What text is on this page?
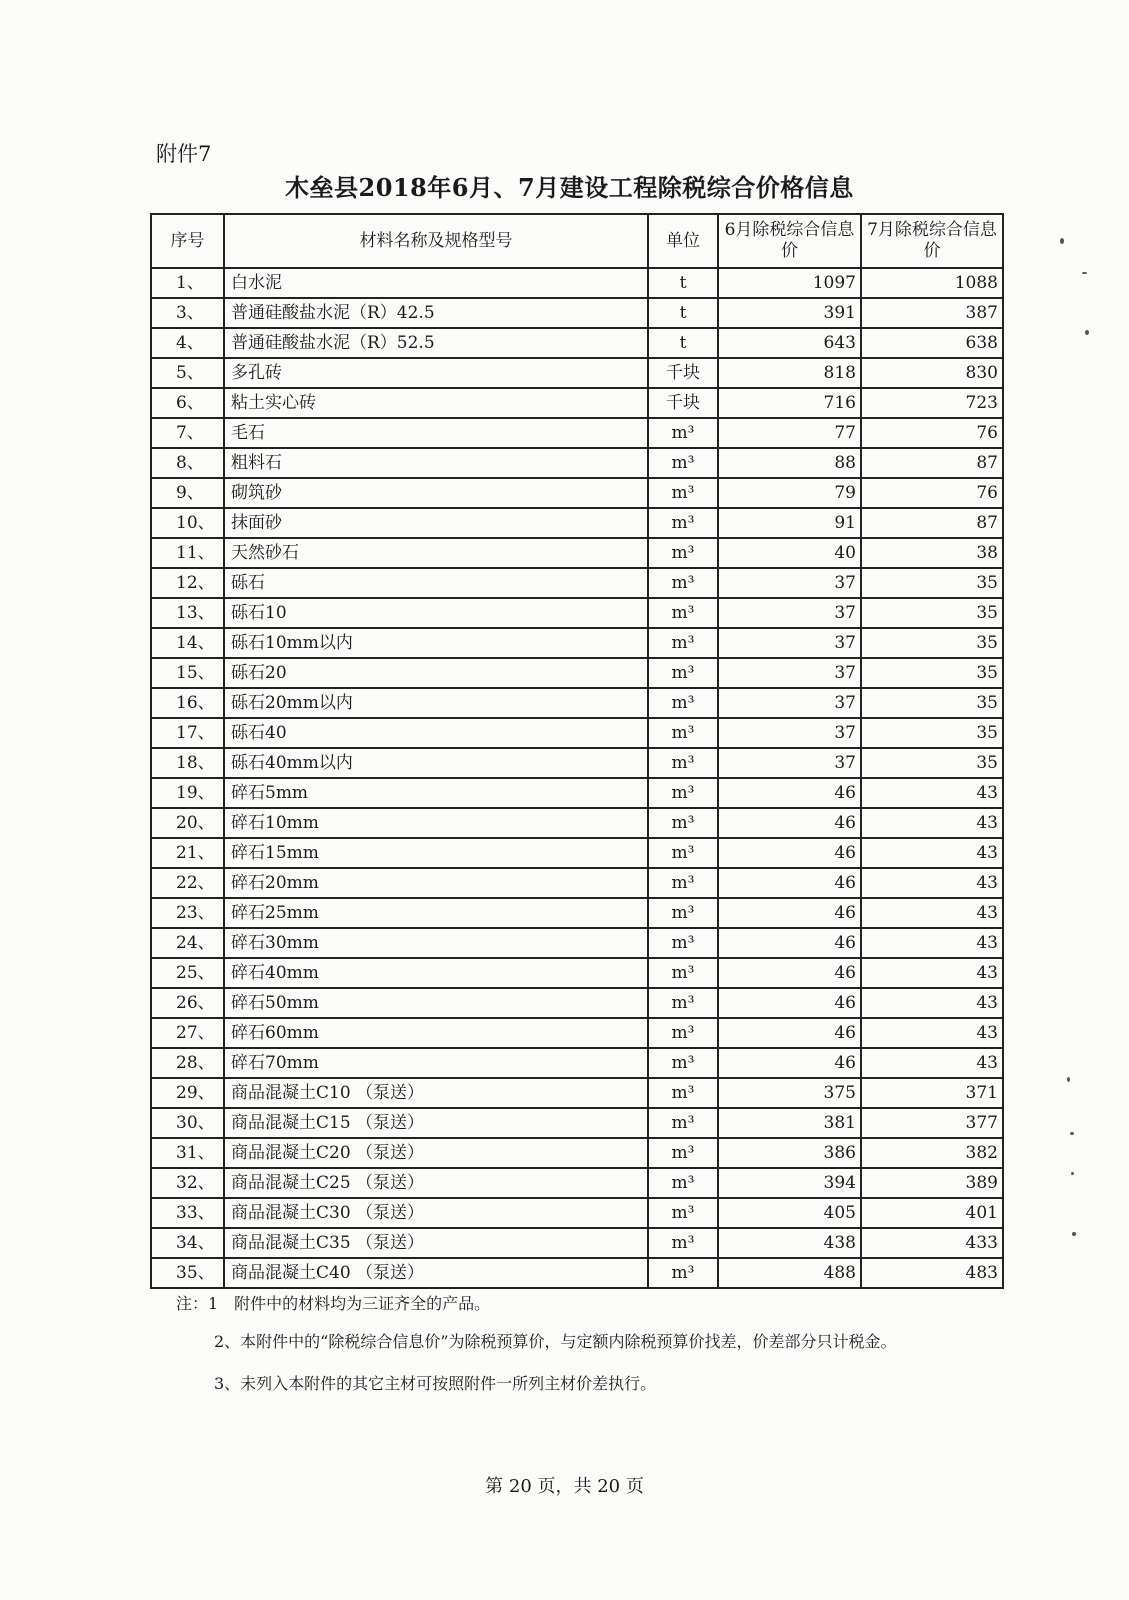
附件7
木垒县2018年6月、7月建设工程除税综合价格信息
序号	材料名称及规格型号	单位	6月除税综合信息价	7月除税综合信息价
1、	白水泥	t	1097	1088
3、	普通硅酸盐水泥（R）42.5	t	391	387
4、	普通硅酸盐水泥（R）52.5	t	643	638
5、	多孔砖	千块	818	830
6、	粘土实心砖	千块	716	723
7、	毛石	m³	77	76
8、	粗料石	m³	88	87
9、	砌筑砂	m³	79	76
10、	抹面砂	m³	91	87
11、	天然砂石	m³	40	38
12、	砾石	m³	37	35
13、	砾石10	m³	37	35
14、	砾石10mm以内	m³	37	35
15、	砾石20	m³	37	35
16、	砾石20mm以内	m³	37	35
17、	砾石40	m³	37	35
18、	砾石40mm以内	m³	37	35
19、	碎石5mm	m³	46	43
20、	碎石10mm	m³	46	43
21、	碎石15mm	m³	46	43
22、	碎石20mm	m³	46	43
23、	碎石25mm	m³	46	43
24、	碎石30mm	m³	46	43
25、	碎石40mm	m³	46	43
26、	碎石50mm	m³	46	43
27、	碎石60mm	m³	46	43
28、	碎石70mm	m³	46	43
29、	商品混凝土C10 （泵送）	m³	375	371
30、	商品混凝土C15 （泵送）	m³	381	377
31、	商品混凝土C20 （泵送）	m³	386	382
32、	商品混凝土C25 （泵送）	m³	394	389
33、	商品混凝土C30 （泵送）	m³	405	401
34、	商品混凝土C35 （泵送）	m³	438	433
35、	商品混凝土C40 （泵送）	m³	488	483
注：1　附件中的材料均为三证齐全的产品。
2、本附件中的“除税综合信息价”为除税预算价，与定额内除税预算价找差，价差部分只计税金。
3、未列入本附件的其它主材可按照附件一所列主材价差执行。
第 20 页，共 20 页
